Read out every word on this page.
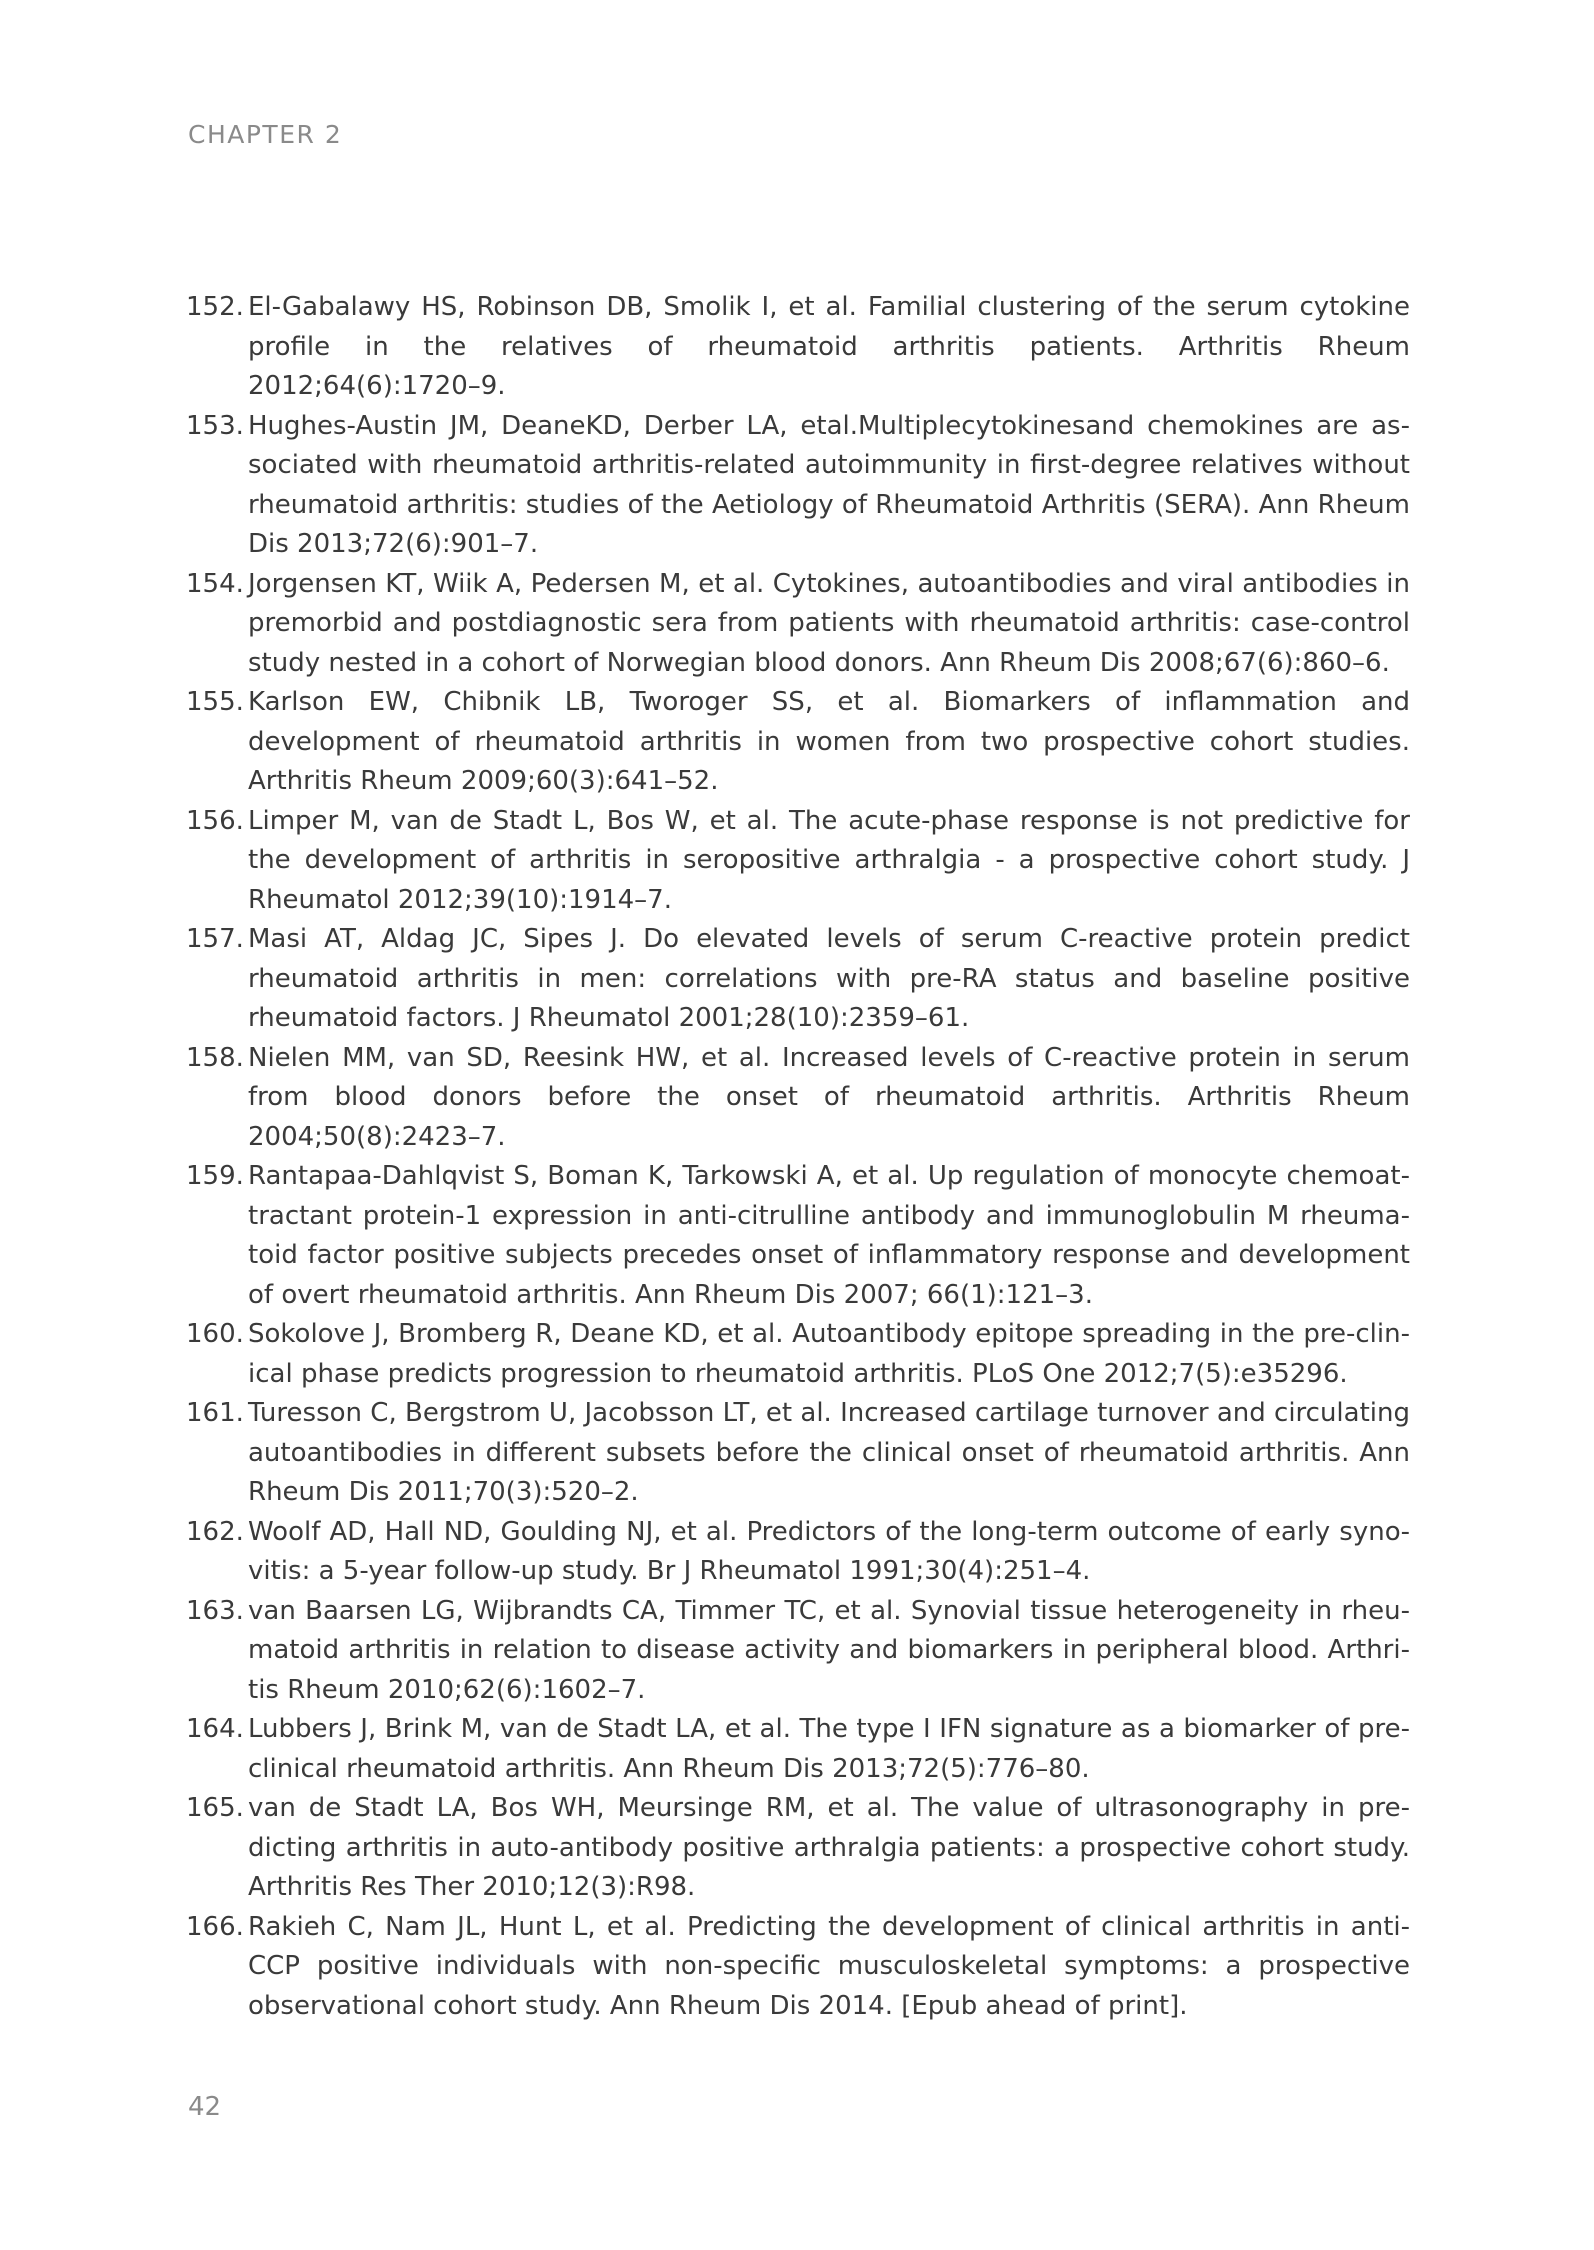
CHAPTER 2
152. El-Gabalawy HS, Robinson DB, Smolik I, et al. Familial clustering of the serum cytokine profile in the relatives of rheumatoid arthritis patients. Arthritis Rheum 2012;64(6):1720–9.
153. Hughes-Austin JM, DeaneKD, Derber LA, etal.Multiplecytokinesand chemokines are associated with rheumatoid arthritis-related autoimmunity in first-degree relatives without rheumatoid arthritis: studies of the Aetiology of Rheumatoid Arthritis (SERA). Ann Rheum Dis 2013;72(6):901–7.
154. Jorgensen KT, Wiik A, Pedersen M, et al. Cytokines, autoantibodies and viral antibodies in premorbid and postdiagnostic sera from patients with rheumatoid arthritis: case-control study nested in a cohort of Norwegian blood donors. Ann Rheum Dis 2008;67(6):860–6.
155. Karlson EW, Chibnik LB, Tworoger SS, et al. Biomarkers of inflammation and development of rheumatoid arthritis in women from two prospective cohort studies. Arthritis Rheum 2009;60(3):641–52.
156. Limper M, van de Stadt L, Bos W, et al. The acute-phase response is not predictive for the development of arthritis in seropositive arthralgia - a prospective cohort study. J Rheumatol 2012;39(10):1914–7.
157. Masi AT, Aldag JC, Sipes J. Do elevated levels of serum C-reactive protein predict rheumatoid arthritis in men: correlations with pre-RA status and baseline positive rheumatoid factors. J Rheumatol 2001;28(10):2359–61.
158. Nielen MM, van SD, Reesink HW, et al. Increased levels of C-reactive protein in serum from blood donors before the onset of rheumatoid arthritis. Arthritis Rheum 2004;50(8):2423–7.
159. Rantapaa-Dahlqvist S, Boman K, Tarkowski A, et al. Up regulation of monocyte chemoattractant protein-1 expression in anti-citrulline antibody and immunoglobulin M rheumatoid factor positive subjects precedes onset of inflammatory response and development of overt rheumatoid arthritis. Ann Rheum Dis 2007; 66(1):121–3.
160. Sokolove J, Bromberg R, Deane KD, et al. Autoantibody epitope spreading in the pre-clinical phase predicts progression to rheumatoid arthritis. PLoS One 2012;7(5):e35296.
161. Turesson C, Bergstrom U, Jacobsson LT, et al. Increased cartilage turnover and circulating autoantibodies in different subsets before the clinical onset of rheumatoid arthritis. Ann Rheum Dis 2011;70(3):520–2.
162. Woolf AD, Hall ND, Goulding NJ, et al. Predictors of the long-term outcome of early synovitis: a 5-year follow-up study. Br J Rheumatol 1991;30(4):251–4.
163. van Baarsen LG, Wijbrandts CA, Timmer TC, et al. Synovial tissue heterogeneity in rheumatoid arthritis in relation to disease activity and biomarkers in peripheral blood. Arthritis Rheum 2010;62(6):1602–7.
164. Lubbers J, Brink M, van de Stadt LA, et al. The type I IFN signature as a biomarker of preclinical rheumatoid arthritis. Ann Rheum Dis 2013;72(5):776–80.
165. van de Stadt LA, Bos WH, Meursinge RM, et al. The value of ultrasonography in predicting arthritis in auto-antibody positive arthralgia patients: a prospective cohort study. Arthritis Res Ther 2010;12(3):R98.
166. Rakieh C, Nam JL, Hunt L, et al. Predicting the development of clinical arthritis in anti-CCP positive individuals with non-specific musculoskeletal symptoms: a prospective observational cohort study. Ann Rheum Dis 2014. [Epub ahead of print].
42
